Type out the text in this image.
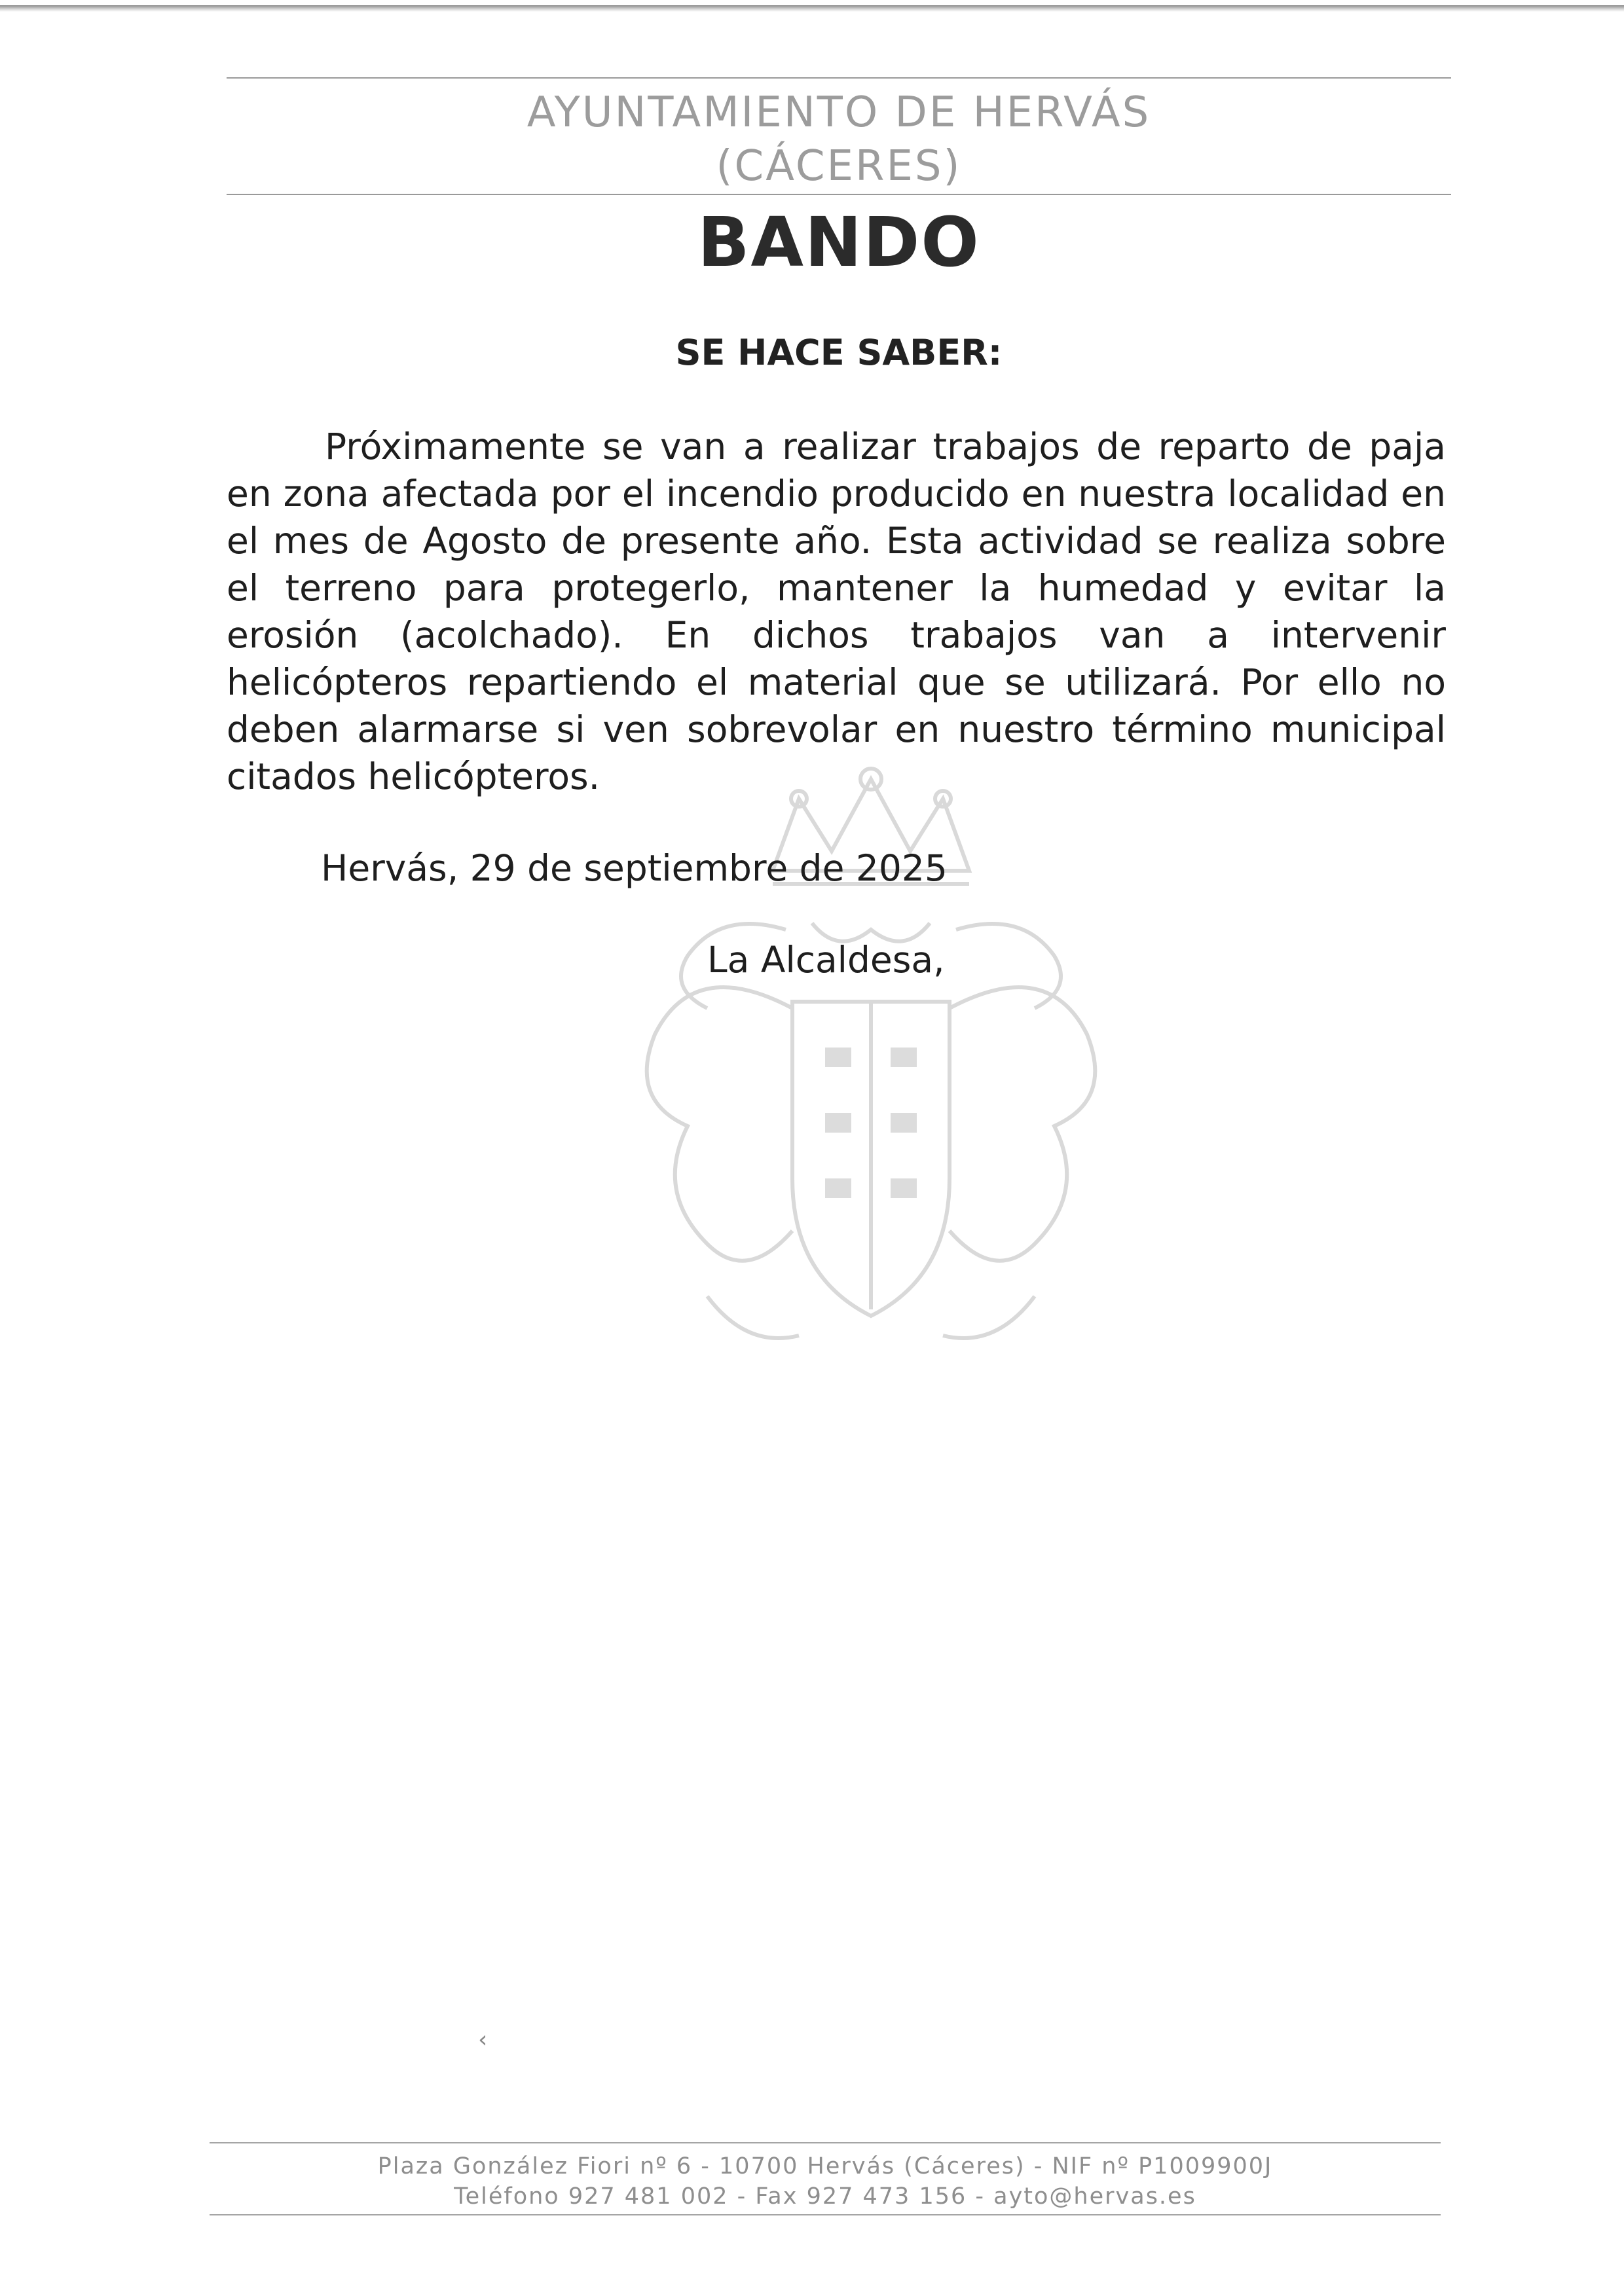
AYUNTAMIENTO DE HERVÁS
(CÁCERES)
BANDO
SE HACE SABER:

Próximamente se van a realizar trabajos de reparto de paja en zona afectada por el incendio producido en nuestra localidad en el mes de Agosto de presente año. Esta actividad se realiza sobre el terreno para protegerlo, mantener la humedad y evitar la erosión (acolchado). En dichos trabajos van a intervenir helicópteros repartiendo el material que se utilizará. Por ello no deben alarmarse si ven sobrevolar en nuestro término municipal citados helicópteros.

Hervás, 29 de septiembre de 2025
La Alcaldesa,
‹
Plaza González Fiori nº 6 - 10700 Hervás (Cáceres) - NIF nº P1009900J
Teléfono 927 481 002 - Fax 927 473 156 - ayto@hervas.es
